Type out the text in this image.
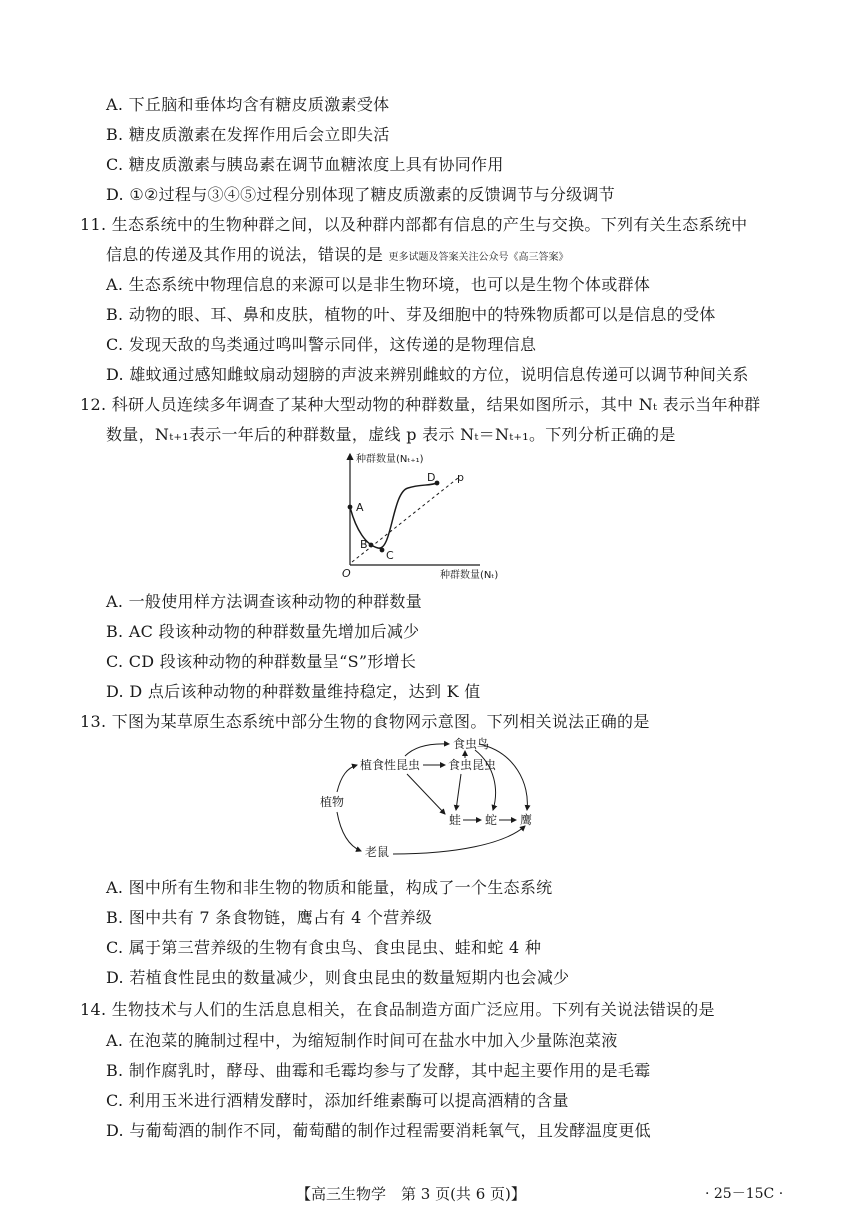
A. 下丘脑和垂体均含有糖皮质激素受体
B. 糖皮质激素在发挥作用后会立即失活
C. 糖皮质激素与胰岛素在调节血糖浓度上具有协同作用
D. ①②过程与③④⑤过程分别体现了糖皮质激素的反馈调节与分级调节
11. 生态系统中的生物种群之间，以及种群内部都有信息的产生与交换。下列有关生态系统中
信息的传递及其作用的说法，错误的是 更多试题及答案关注公众号《高三答案》
A. 生态系统中物理信息的来源可以是非生物环境，也可以是生物个体或群体
B. 动物的眼、耳、鼻和皮肤，植物的叶、芽及细胞中的特殊物质都可以是信息的受体
C. 发现天敌的鸟类通过鸣叫警示同伴，这传递的是物理信息
D. 雄蚊通过感知雌蚊扇动翅膀的声波来辨别雌蚊的方位，说明信息传递可以调节种间关系
12. 科研人员连续多年调查了某种大型动物的种群数量，结果如图所示，其中 Nₜ 表示当年种群
数量，Nₜ₊₁表示一年后的种群数量，虚线 p 表示 Nₜ＝Nₜ₊₁。下列分析正确的是
种群数量(Nₜ₊₁)
种群数量(Nₜ)
O
p
A
B
C
D
A. 一般使用样方法调查该种动物的种群数量
B. AC 段该种动物的种群数量先增加后减少
C. CD 段该种动物的种群数量呈“S”形增长
D. D 点后该种动物的种群数量维持稳定，达到 K 值
13. 下图为某草原生态系统中部分生物的食物网示意图。下列相关说法正确的是
植物
植食性昆虫
食虫鸟
食虫昆虫
蛙 蛇 鹰
老鼠
A. 图中所有生物和非生物的物质和能量，构成了一个生态系统
B. 图中共有 7 条食物链，鹰占有 4 个营养级
C. 属于第三营养级的生物有食虫鸟、食虫昆虫、蛙和蛇 4 种
D. 若植食性昆虫的数量减少，则食虫昆虫的数量短期内也会减少
14. 生物技术与人们的生活息息相关，在食品制造方面广泛应用。下列有关说法错误的是
A. 在泡菜的腌制过程中，为缩短制作时间可在盐水中加入少量陈泡菜液
B. 制作腐乳时，酵母、曲霉和毛霉均参与了发酵，其中起主要作用的是毛霉
C. 利用玉米进行酒精发酵时，添加纤维素酶可以提高酒精的含量
D. 与葡萄酒的制作不同，葡萄醋的制作过程需要消耗氧气，且发酵温度更低
【高三生物学　第 3 页(共 6 页)】	· 25－15C ·
